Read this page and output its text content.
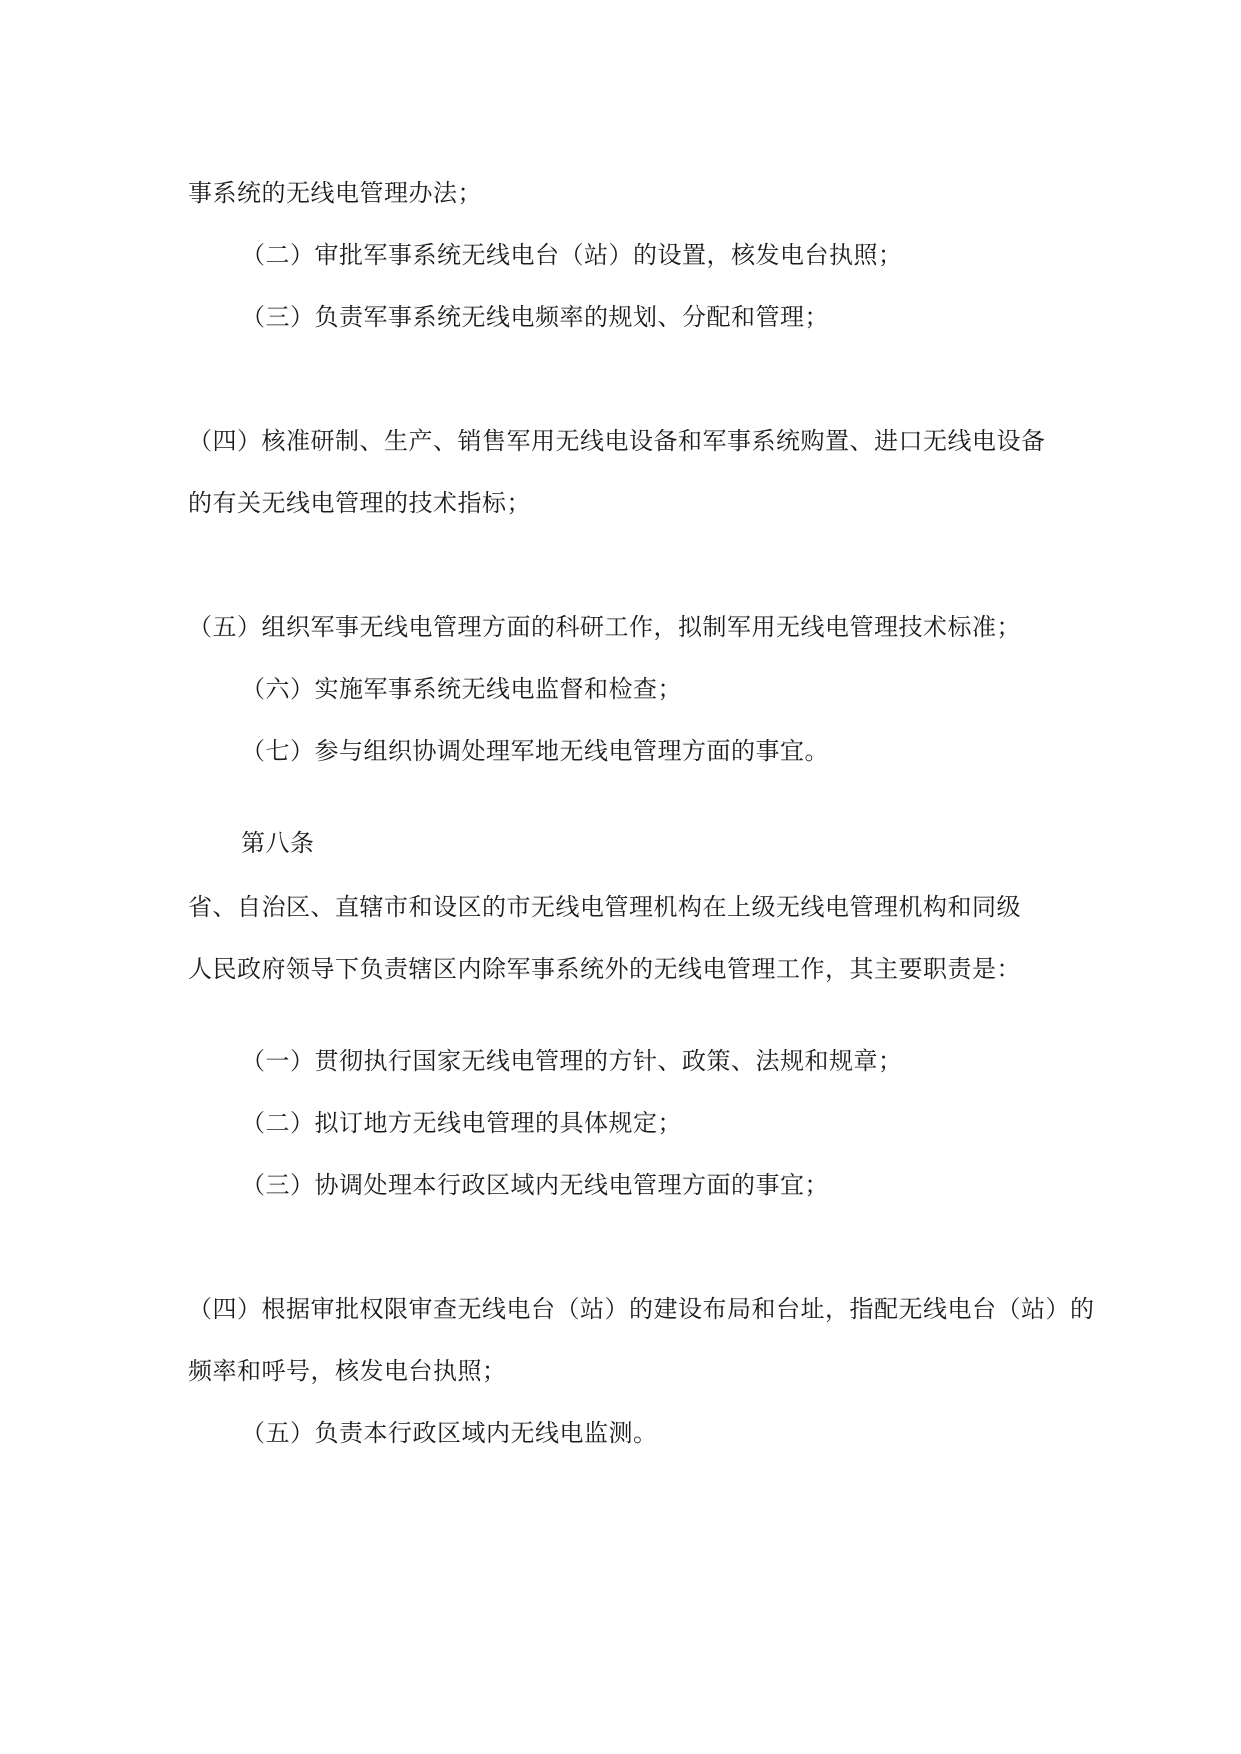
事系统的无线电管理办法；

（二）审批军事系统无线电台（站）的设置，核发电台执照；

（三）负责军事系统无线电频率的规划、分配和管理；

（四）核准研制、生产、销售军用无线电设备和军事系统购置、进口无线电设备

的有关无线电管理的技术指标；

（五）组织军事无线电管理方面的科研工作，拟制军用无线电管理技术标准；

（六）实施军事系统无线电监督和检查；

（七）参与组织协调处理军地无线电管理方面的事宜。

第八条

省、自治区、直辖市和设区的市无线电管理机构在上级无线电管理机构和同级

人民政府领导下负责辖区内除军事系统外的无线电管理工作，其主要职责是：

（一）贯彻执行国家无线电管理的方针、政策、法规和规章；

（二）拟订地方无线电管理的具体规定；

（三）协调处理本行政区域内无线电管理方面的事宜；

（四）根据审批权限审查无线电台（站）的建设布局和台址，指配无线电台（站）的

频率和呼号，核发电台执照；

（五）负责本行政区域内无线电监测。
